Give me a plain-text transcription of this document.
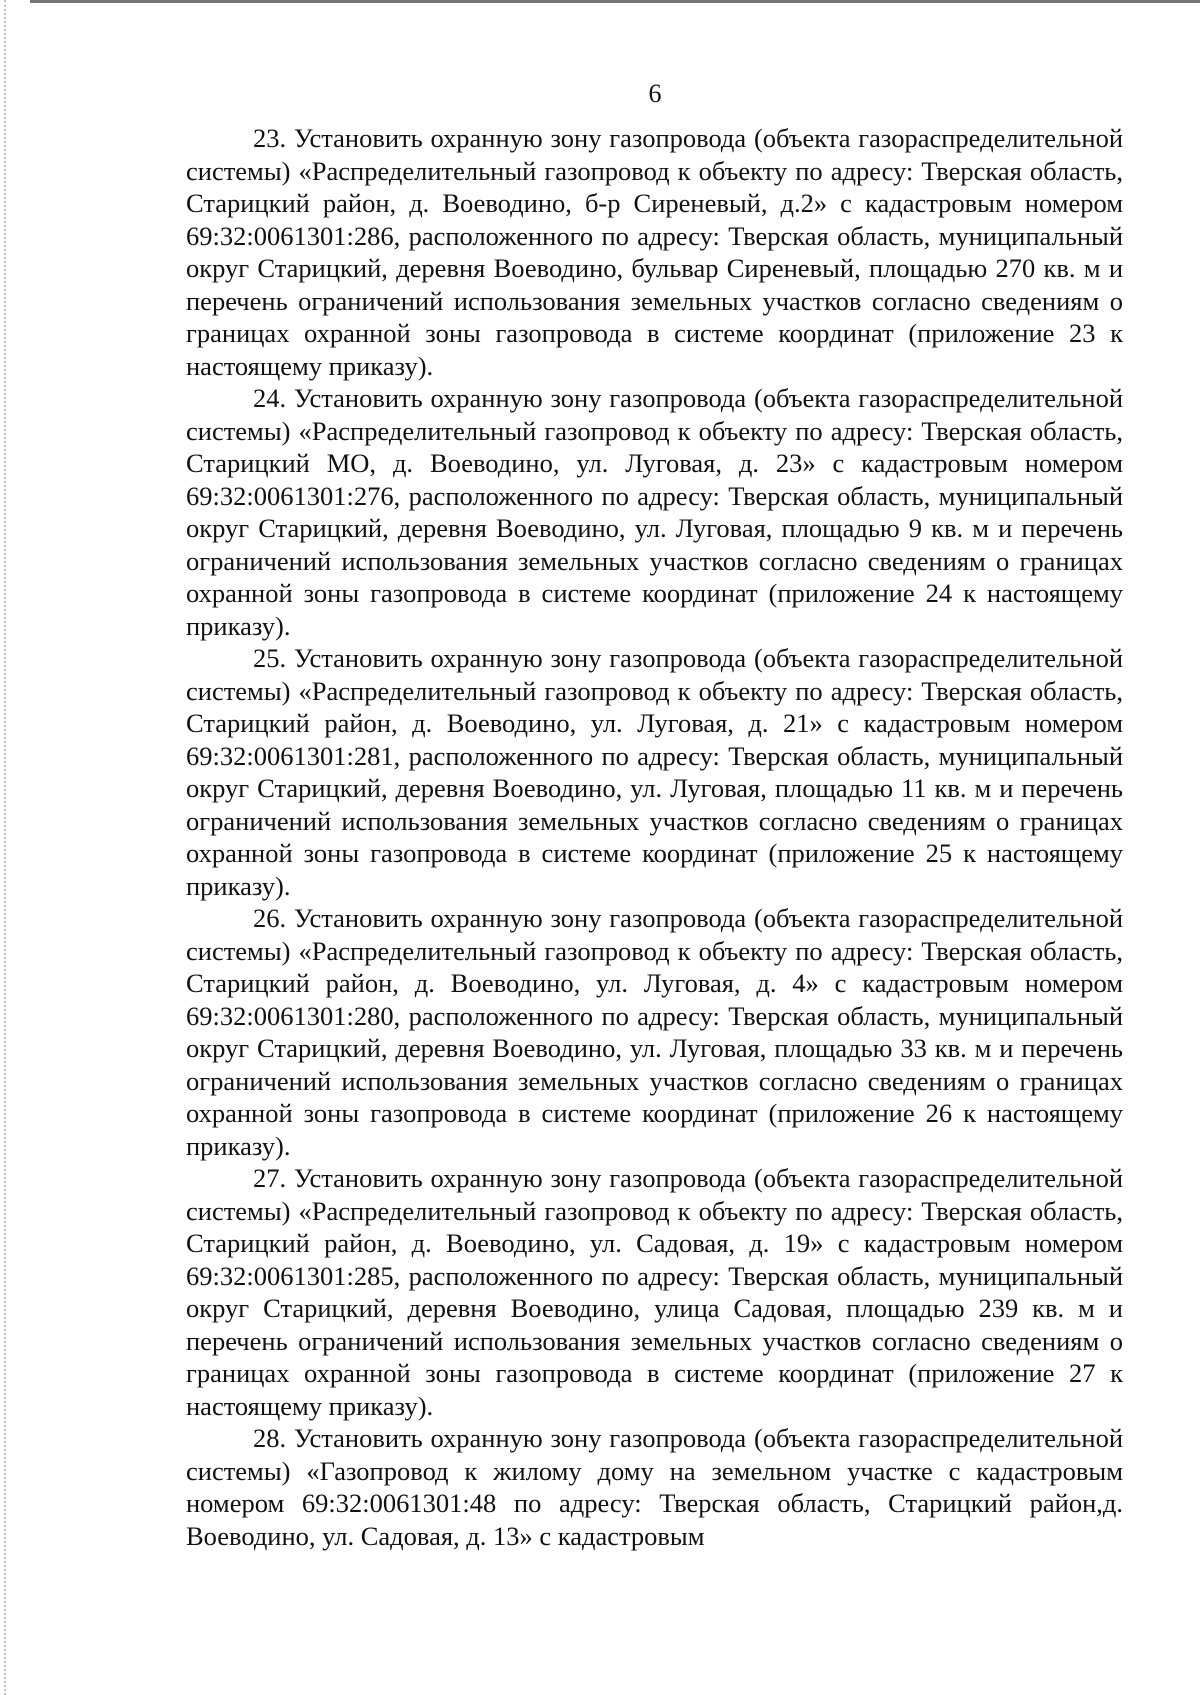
6

23. Установить охранную зону газопровода (объекта газораспределительной системы) «Распределительный газопровод к объекту по адресу: Тверская область, Старицкий район, д. Воеводино, б-р Сиреневый, д.2» с кадастровым номером 69:32:0061301:286, расположенного по адресу: Тверская область, муниципальный округ Старицкий, деревня Воеводино, бульвар Сиреневый, площадью 270 кв. м и перечень ограничений использования земельных участков согласно сведениям о границах охранной зоны газопровода в системе координат (приложение 23 к настоящему приказу).

24. Установить охранную зону газопровода (объекта газораспределительной системы) «Распределительный газопровод к объекту по адресу: Тверская область, Старицкий МО, д. Воеводино, ул. Луговая, д. 23» с кадастровым номером 69:32:0061301:276, расположенного по адресу: Тверская область, муниципальный округ Старицкий, деревня Воеводино, ул. Луговая, площадью 9 кв. м и перечень ограничений использования земельных участков согласно сведениям о границах охранной зоны газопровода в системе координат (приложение 24 к настоящему приказу).

25. Установить охранную зону газопровода (объекта газораспределительной системы) «Распределительный газопровод к объекту по адресу: Тверская область, Старицкий район, д. Воеводино, ул. Луговая, д. 21» с кадастровым номером 69:32:0061301:281, расположенного по адресу: Тверская область, муниципальный округ Старицкий, деревня Воеводино, ул. Луговая, площадью 11 кв. м и перечень ограничений использования земельных участков согласно сведениям о границах охранной зоны газопровода в системе координат (приложение 25 к настоящему приказу).

26. Установить охранную зону газопровода (объекта газораспределительной системы) «Распределительный газопровод к объекту по адресу: Тверская область, Старицкий район, д. Воеводино, ул. Луговая, д. 4» с кадастровым номером 69:32:0061301:280, расположенного по адресу: Тверская область, муниципальный округ Старицкий, деревня Воеводино, ул. Луговая, площадью 33 кв. м и перечень ограничений использования земельных участков согласно сведениям о границах охранной зоны газопровода в системе координат (приложение 26 к настоящему приказу).

27. Установить охранную зону газопровода (объекта газораспределительной системы) «Распределительный газопровод к объекту по адресу: Тверская область, Старицкий район, д. Воеводино, ул. Садовая, д. 19» с кадастровым номером 69:32:0061301:285, расположенного по адресу: Тверская область, муниципальный округ Старицкий, деревня Воеводино, улица Садовая, площадью 239 кв. м и перечень ограничений использования земельных участков согласно сведениям о границах охранной зоны газопровода в системе координат (приложение 27 к настоящему приказу).

28. Установить охранную зону газопровода (объекта газораспределительной системы) «Газопровод к жилому дому на земельном участке с кадастровым номером 69:32:0061301:48 по адресу: Тверская область, Старицкий район,д. Воеводино, ул. Садовая, д. 13» с кадастровым
